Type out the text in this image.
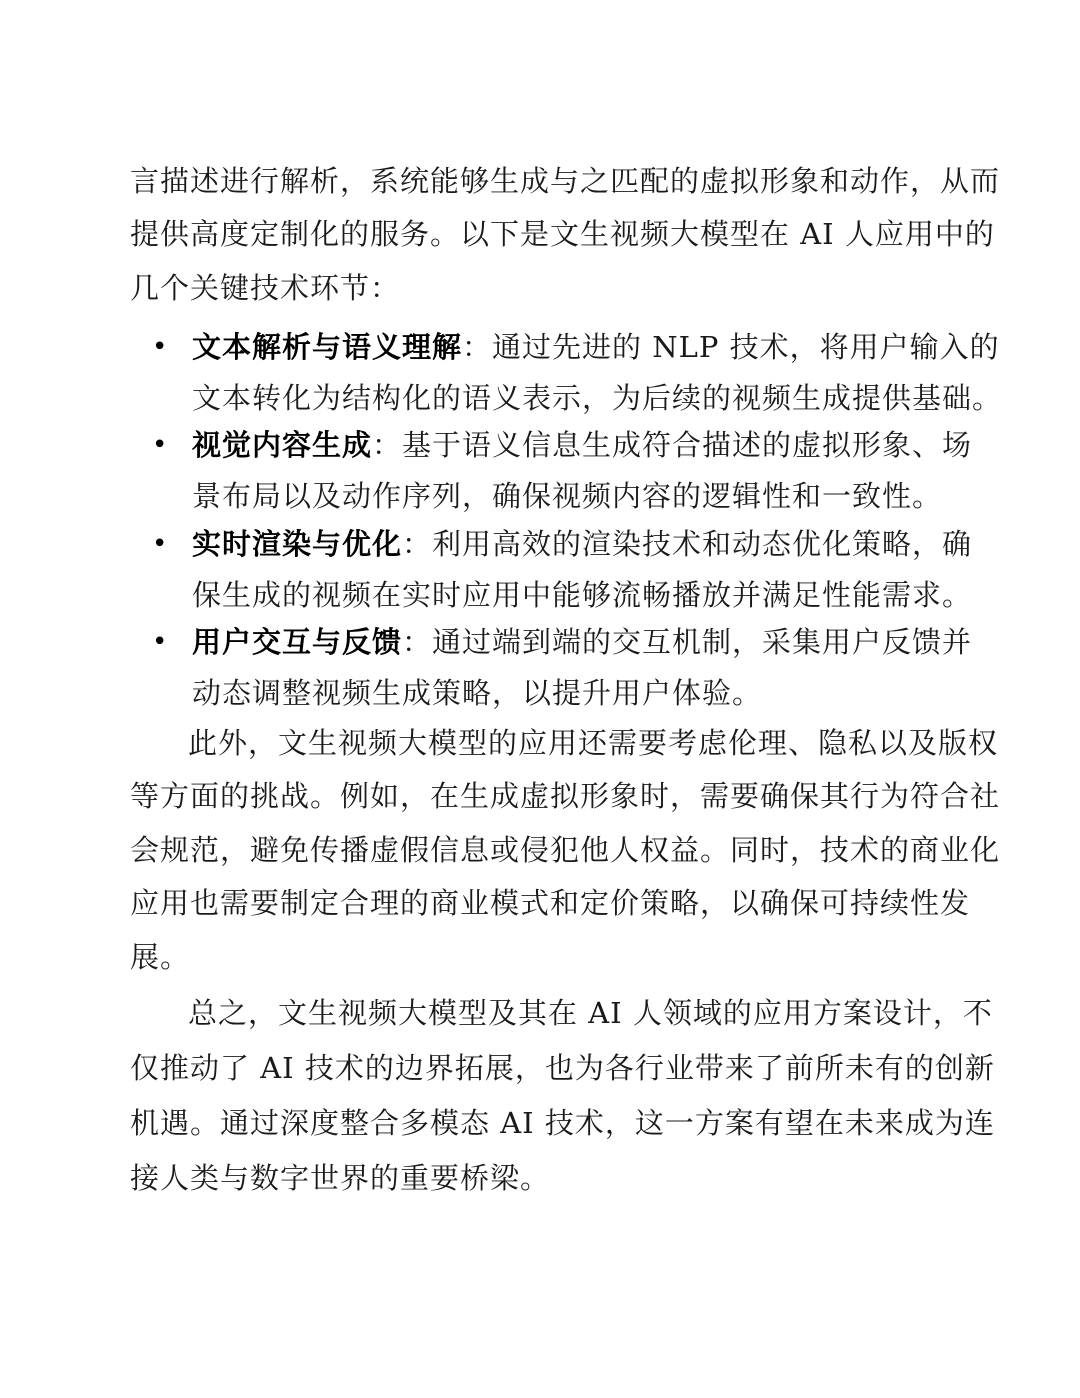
言描述进行解析，系统能够生成与之匹配的虚拟形象和动作，从而
提供高度定制化的服务。以下是文生视频大模型在 AI 人应用中的
几个关键技术环节：
• 文本解析与语义理解：通过先进的 NLP 技术，将用户输入的
文本转化为结构化的语义表示，为后续的视频生成提供基础。
• 视觉内容生成：基于语义信息生成符合描述的虚拟形象、场
景布局以及动作序列，确保视频内容的逻辑性和一致性。
• 实时渲染与优化：利用高效的渲染技术和动态优化策略，确
保生成的视频在实时应用中能够流畅播放并满足性能需求。
• 用户交互与反馈：通过端到端的交互机制，采集用户反馈并
动态调整视频生成策略，以提升用户体验。
此外，文生视频大模型的应用还需要考虑伦理、隐私以及版权
等方面的挑战。例如，在生成虚拟形象时，需要确保其行为符合社
会规范，避免传播虚假信息或侵犯他人权益。同时，技术的商业化
应用也需要制定合理的商业模式和定价策略，以确保可持续性发
展。
总之，文生视频大模型及其在 AI 人领域的应用方案设计，不
仅推动了 AI 技术的边界拓展，也为各行业带来了前所未有的创新
机遇。通过深度整合多模态 AI 技术，这一方案有望在未来成为连
接人类与数字世界的重要桥梁。
